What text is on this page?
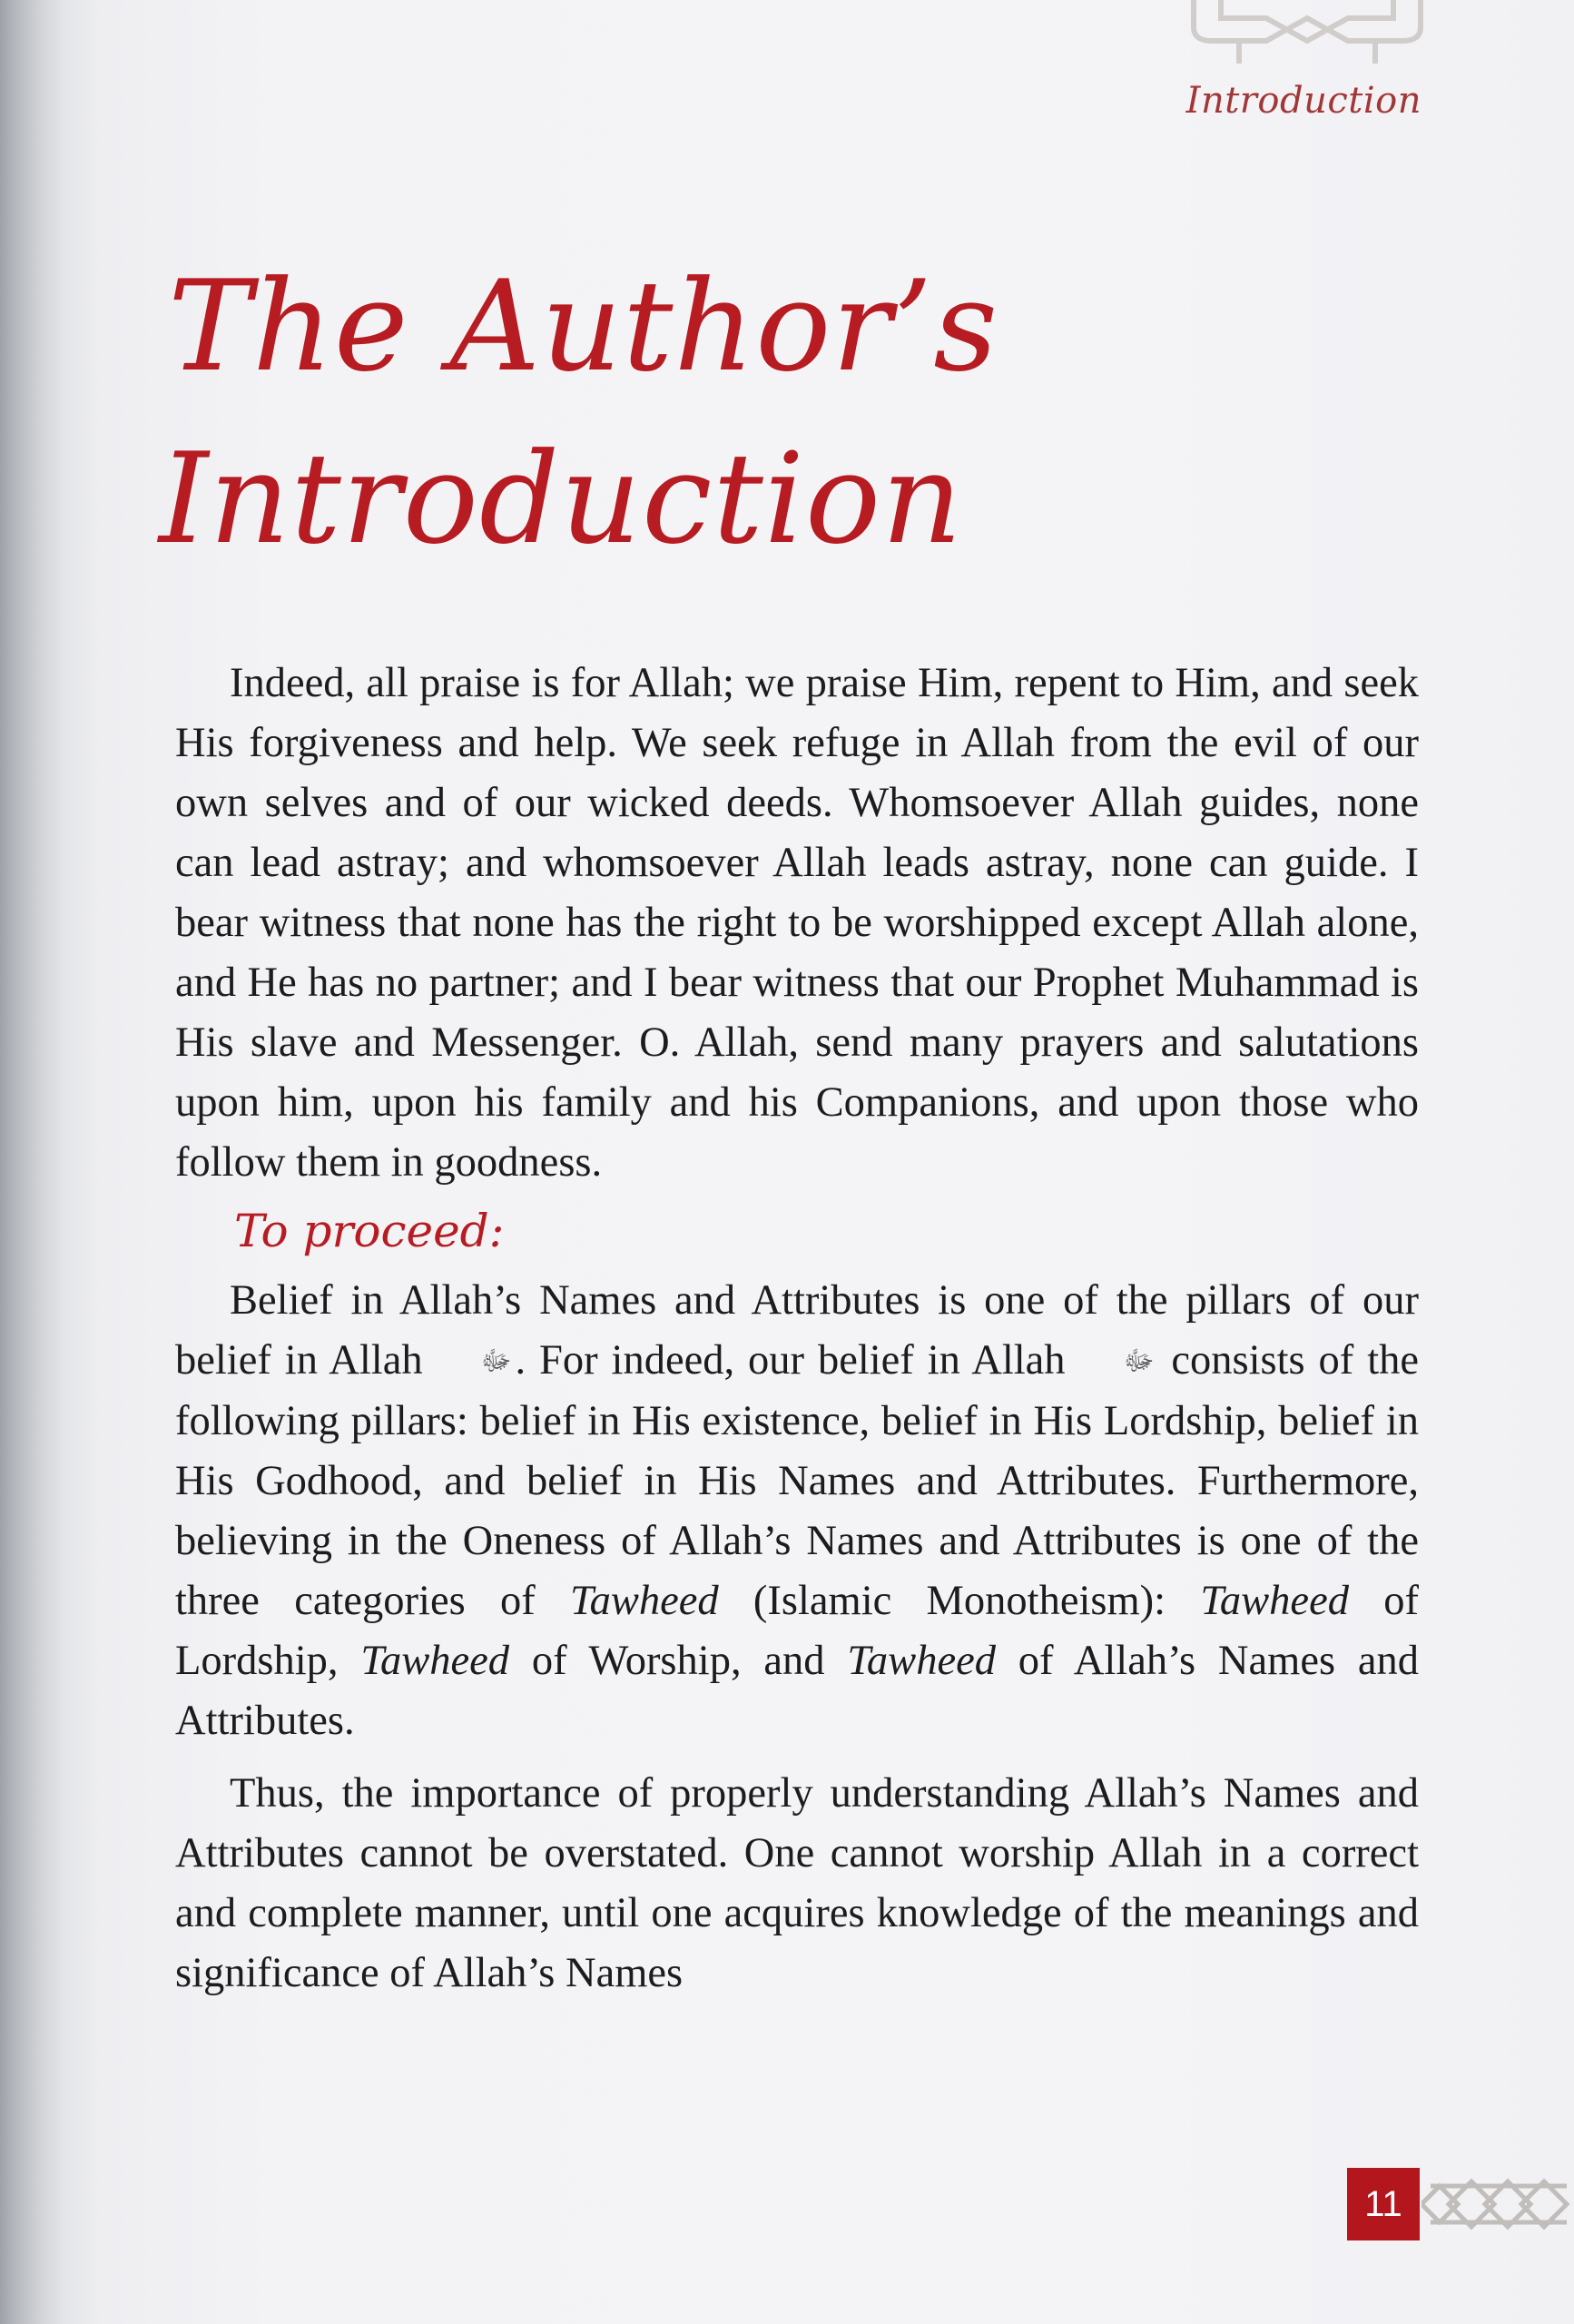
Introduction
The Author’s
Introduction

Indeed, all praise is for Allah; we praise Him, repent to Him, and seek His forgiveness and help. We seek refuge in Allah from the evil of our own selves and of our wicked deeds. Whomsoever Allah guides, none can lead astray; and whomsoever Allah leads astray, none can guide. I bear witness that none has the right to be worshipped except Allah alone, and He has no partner; and I bear witness that our Prophet Muhammad is His slave and Messenger. O. Allah, send many prayers and salutations upon him, upon his family and his Companions, and upon those who follow them in goodness.

To proceed:

Belief in Allah’s Names and Attributes is one of the pillars of our belief in Allah ﷻ. For indeed, our belief in Allah ﷻ consists of the following pillars: belief in His existence, belief in His Lordship, belief in His Godhood, and belief in His Names and Attributes. Furthermore, believing in the Oneness of Allah’s Names and Attributes is one of the three categories of Tawheed (Islamic Monotheism): Tawheed of Lordship, Tawheed of Worship, and Tawheed of Allah’s Names and Attributes.

Thus, the importance of properly understanding Allah’s Names and Attributes cannot be overstated. One cannot worship Allah in a correct and complete manner, until one acquires knowledge of the meanings and significance of Allah’s Names

11
